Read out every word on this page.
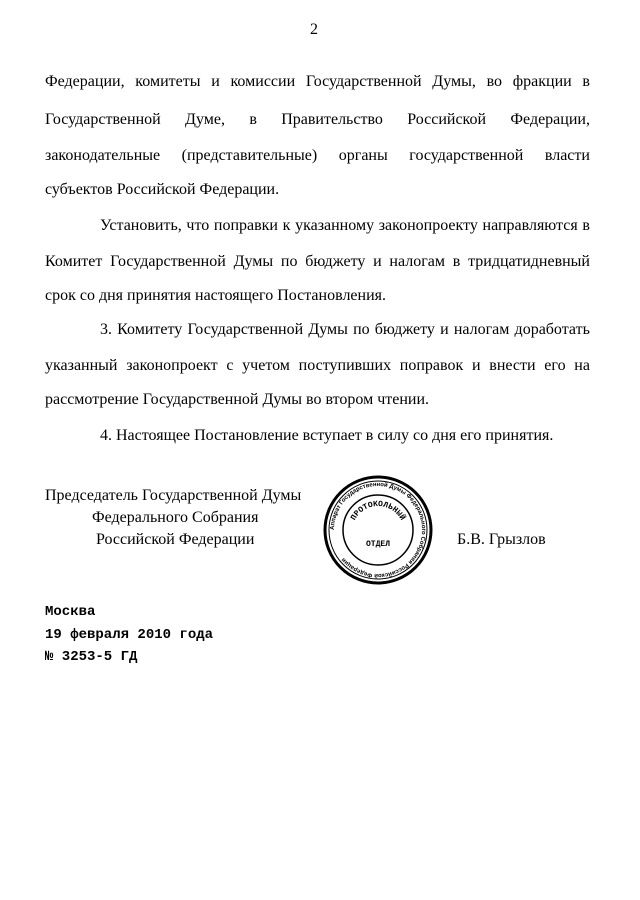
2
Федерации, комитеты и комиссии Государственной Думы, во фракции в
Государственной Думе, в Правительство Российской Федерации,
законодательные (представительные) органы государственной власти
субъектов Российской Федерации.
Установить, что поправки к указанному законопроекту направляются в
Комитет Государственной Думы по бюджету и налогам в тридцатидневный
срок со дня принятия настоящего Постановления.
3. Комитету Государственной Думы по бюджету и налогам доработать
указанный законопроект с учетом поступивших поправок и внести его на
рассмотрение Государственной Думы во втором чтении.
4. Настоящее Постановление вступает в силу со дня его принятия.
Председатель Государственной Думы
Федерального Собрания
Российской Федерации	Б.В. Грызлов
Аппарат Государственной Думы Федерального Собрания Российской Федерации
ПРОТОКОЛЬНЫЙ
ОТДЕЛ
Москва
19 февраля 2010 года
№ 3253-5 ГД
